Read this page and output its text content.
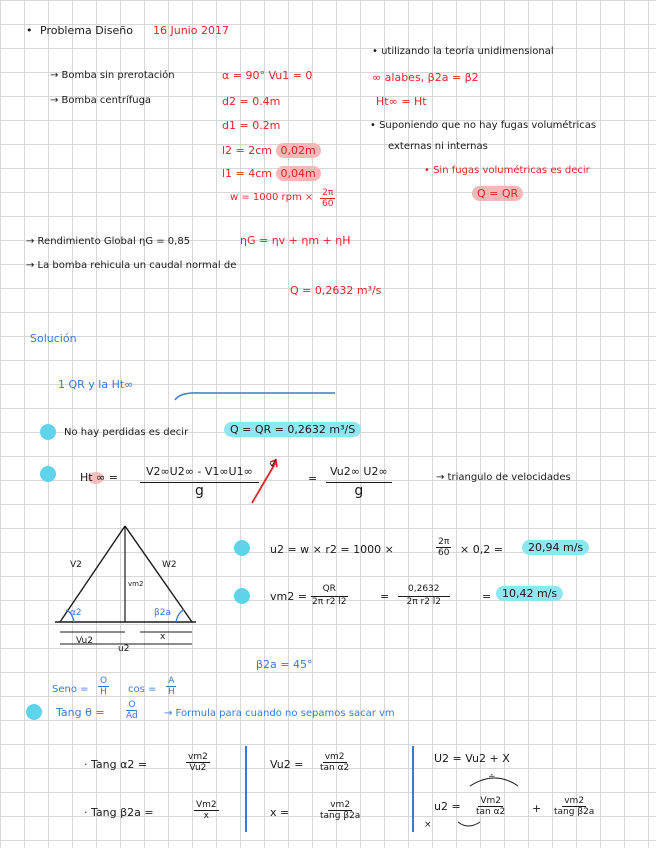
• Problema Diseño 16 Junio 2017
→ Bomba sin prerotación
→ Bomba centrífuga
α = 90° Vu1 = 0
d2 = 0.4m
d1 = 0.2m
l2 = 2cm 0,02m
l1 = 4cm 0,04m
w = 1000 rpm × $\frac{2\pi}{60}$
• utilizando la teoría unidimensional
∞ alabes, β2a = β2
Ht∞ = Ht
• Suponiendo que no hay fugas volumétricas
externas ni internas
• Sin fugas volumétricas es decir
Q = QR
→ Rendimiento Global ηG = 0,85	ηG = ηv + ηm + ηH
→ La bomba rehicula un caudal normal de
Q = 0,2632 m³/s
Solución
1 QR y la Ht∞
No hay perdidas es decir	Q = QR = 0,2632 m³/S
Ht ∞ =	V2∞U2∞ - V1∞U1∞
g
=
Vu2∞ U2∞
g
→ triangulo de velocidades
V2	W2
vm2
α2	β2a
Vu2
u2
x
u2 = w × r2 = 1000 ×	$\frac{2\pi}{60} \times 0,2$ =	20,94 m/s
$vm2 = \frac{QR}{\text{2π r2 l2}}$	= $\frac{0,2632}{\text{2π r2 l2}}$	= 10,42 m/s
β2a = 45°
Seno = $\frac{O}{H}$ $\cos = \frac{A}{H}$
Tang $\theta = \frac{O}{Ad}$ → Formula para cuando no sepamos sacar vm
· Tang α2 =	$\frac{vm2}{Vu2}$
· Tang β2a =	$\frac{Vm2}{x}$
$Vu2 = \frac{vm2}{\text{tan α2}}$
x =	$\frac{vm2}{\text{tang β2a}}$
U2 = Vu2 + X
÷
$u2 = \frac{Vm2}{\text{tan α2}} + \frac{vm2}{\text{tang β2a}}$
×
